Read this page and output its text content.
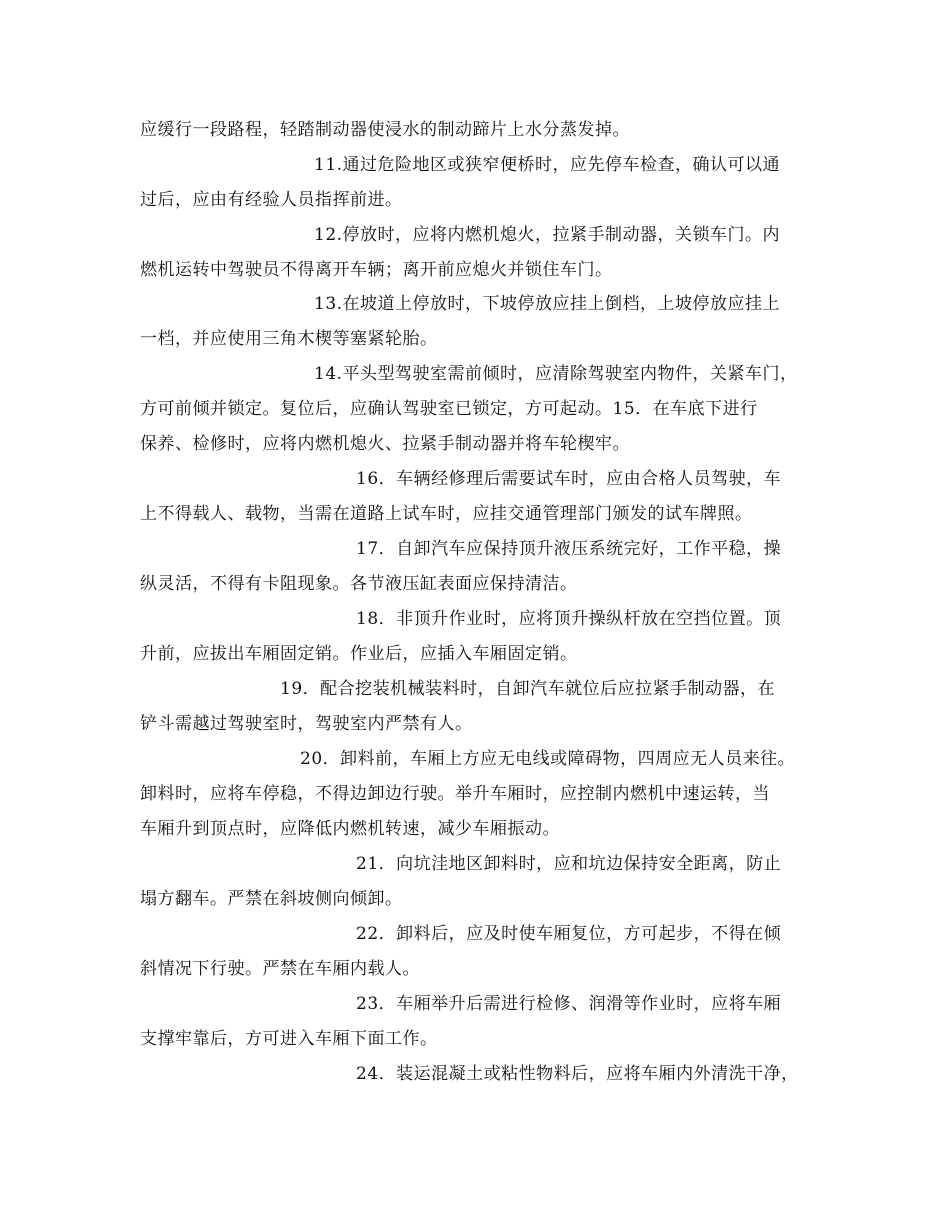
应缓行一段路程，轻踏制动器使浸水的制动蹄片上水分蒸发掉。
11.通过危险地区或狭窄便桥时，应先停车检查，确认可以通
过后，应由有经验人员指挥前进。
12.停放时，应将内燃机熄火，拉紧手制动器，关锁车门。内
燃机运转中驾驶员不得离开车辆；离开前应熄火并锁住车门。
13.在坡道上停放时，下坡停放应挂上倒档，上坡停放应挂上
一档，并应使用三角木楔等塞紧轮胎。
14.平头型驾驶室需前倾时，应清除驾驶室内物件，关紧车门，
方可前倾并锁定。复位后，应确认驾驶室已锁定，方可起动。15．在车底下进行
保养、检修时，应将内燃机熄火、拉紧手制动器并将车轮楔牢。
16．车辆经修理后需要试车时，应由合格人员驾驶，车
上不得载人、载物，当需在道路上试车时，应挂交通管理部门颁发的试车牌照。
17．自卸汽车应保持顶升液压系统完好，工作平稳，操
纵灵活，不得有卡阻现象。各节液压缸表面应保持清洁。
18．非顶升作业时，应将顶升操纵杆放在空挡位置。顶
升前，应拔出车厢固定销。作业后，应插入车厢固定销。
19．配合挖装机械装料时，自卸汽车就位后应拉紧手制动器，在
铲斗需越过驾驶室时，驾驶室内严禁有人。
20．卸料前，车厢上方应无电线或障碍物，四周应无人员来往。
卸料时，应将车停稳，不得边卸边行驶。举升车厢时，应控制内燃机中速运转，当
车厢升到顶点时，应降低内燃机转速，减少车厢振动。
21．向坑洼地区卸料时，应和坑边保持安全距离，防止
塌方翻车。严禁在斜坡侧向倾卸。
22．卸料后，应及时使车厢复位，方可起步，不得在倾
斜情况下行驶。严禁在车厢内载人。
23．车厢举升后需进行检修、润滑等作业时，应将车厢
支撑牢靠后，方可进入车厢下面工作。
24．装运混凝土或粘性物料后，应将车厢内外清洗干净，
